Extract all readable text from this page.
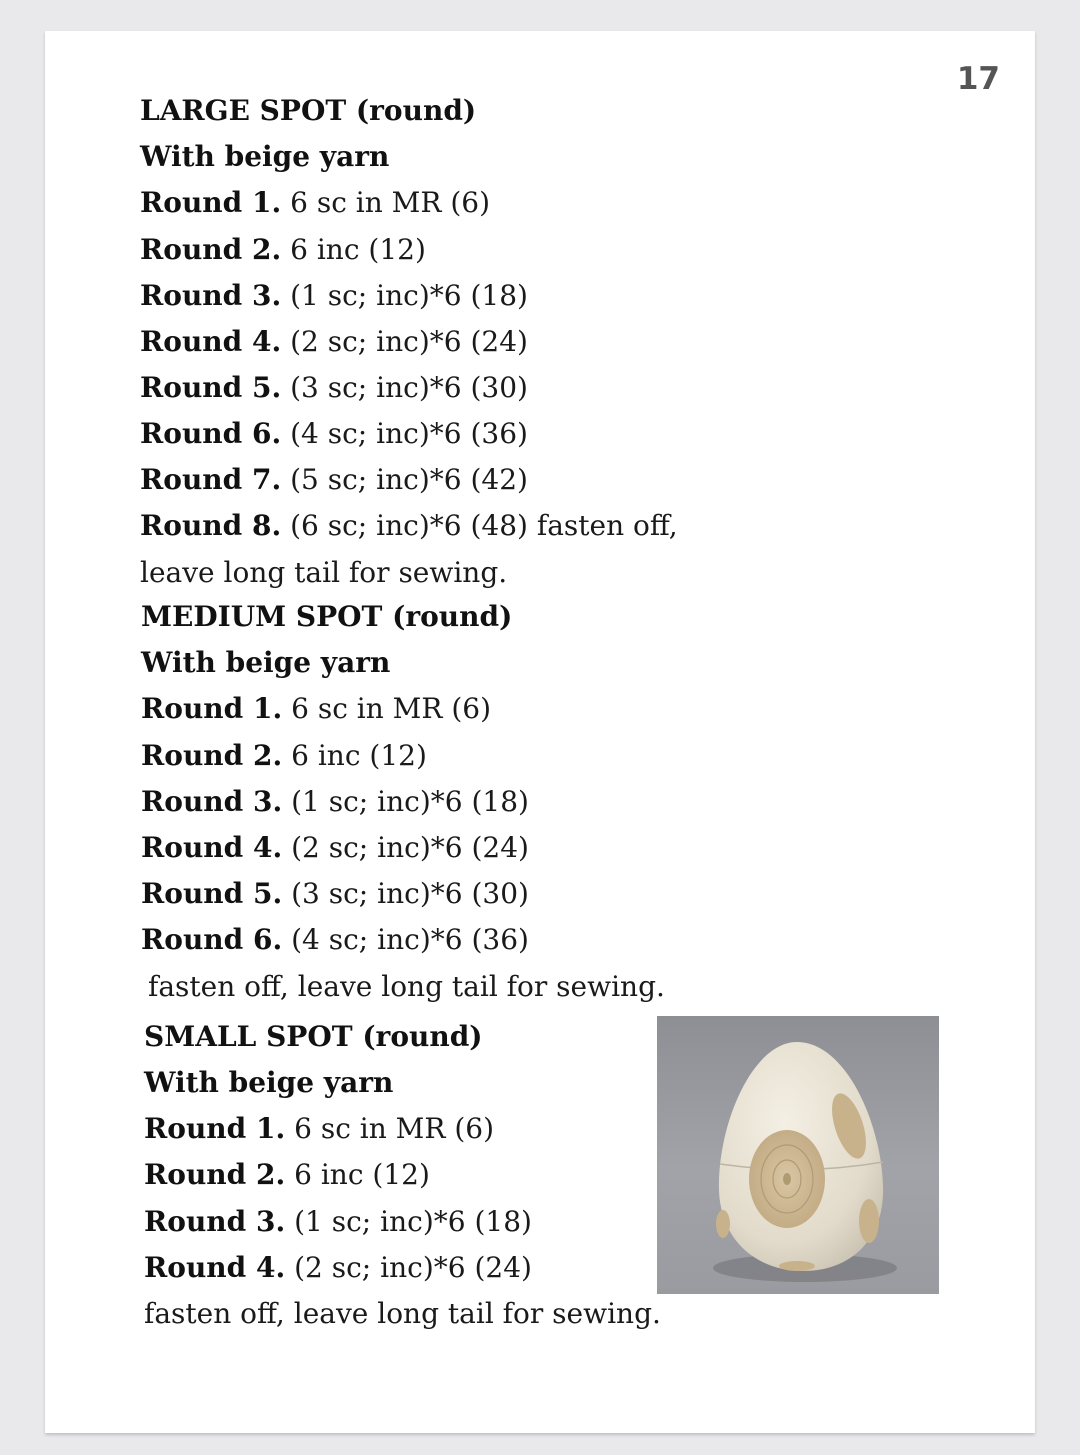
17
LARGE SPOT (round)
With beige yarn
Round 1. 6 sc in MR (6)
Round 2. 6 inc (12)
Round 3. (1 sc; inc)*6 (18)
Round 4. (2 sc; inc)*6 (24)
Round 5. (3 sc; inc)*6 (30)
Round 6. (4 sc; inc)*6 (36)
Round 7. (5 sc; inc)*6 (42)
Round 8. (6 sc; inc)*6 (48) fasten off,
leave long tail for sewing.
MEDIUM SPOT (round)
With beige yarn
Round 1. 6 sc in MR (6)
Round 2. 6 inc (12)
Round 3. (1 sc; inc)*6 (18)
Round 4. (2 sc; inc)*6 (24)
Round 5. (3 sc; inc)*6 (30)
Round 6. (4 sc; inc)*6 (36)
fasten off, leave long tail for sewing.
SMALL SPOT (round)
With beige yarn
Round 1. 6 sc in MR (6)
Round 2. 6 inc (12)
Round 3. (1 sc; inc)*6 (18)
Round 4. (2 sc; inc)*6 (24)
fasten off, leave long tail for sewing.
